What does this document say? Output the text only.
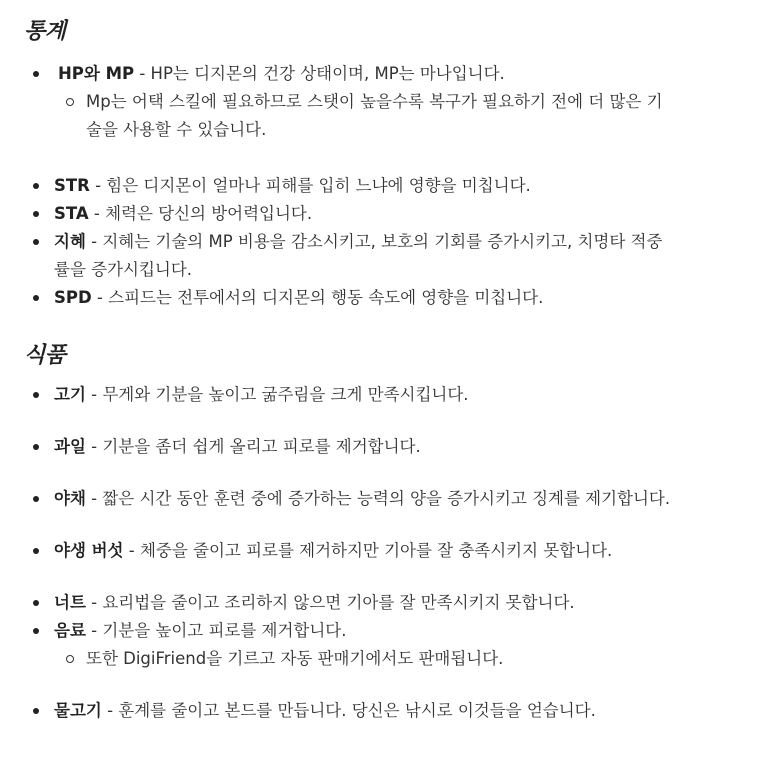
통계
HP와 MP - HP는 디지몬의 건강 상태이며, MP는 마나입니다.
Mp는 어택 스킬에 필요하므로 스탯이 높을수록 복구가 필요하기 전에 더 많은 기술을 사용할 수 있습니다.
STR - 힘은 디지몬이 얼마나 피해를 입히 느냐에 영향을 미칩니다.
STA - 체력은 당신의 방어력입니다.
지혜 - 지혜는 기술의 MP 비용을 감소시키고, 보호의 기회를 증가시키고, 치명타 적중률을 증가시킵니다.
SPD - 스피드는 전투에서의 디지몬의 행동 속도에 영향을 미칩니다.
식품
고기 - 무게와 기분을 높이고 굶주림을 크게 만족시킵니다.
과일 - 기분을 좀더 쉽게 올리고 피로를 제거합니다.
야채 - 짧은 시간 동안 훈련 중에 증가하는 능력의 양을 증가시키고 징계를 제기합니다.
야생 버섯 - 체중을 줄이고 피로를 제거하지만 기아를 잘 충족시키지 못합니다.
너트 - 요리법을 줄이고 조리하지 않으면 기아를 잘 만족시키지 못합니다.
음료 - 기분을 높이고 피로를 제거합니다.
또한 DigiFriend을 기르고 자동 판매기에서도 판매됩니다.
물고기 - 훈계를 줄이고 본드를 만듭니다. 당신은 낚시로 이것들을 얻습니다.
